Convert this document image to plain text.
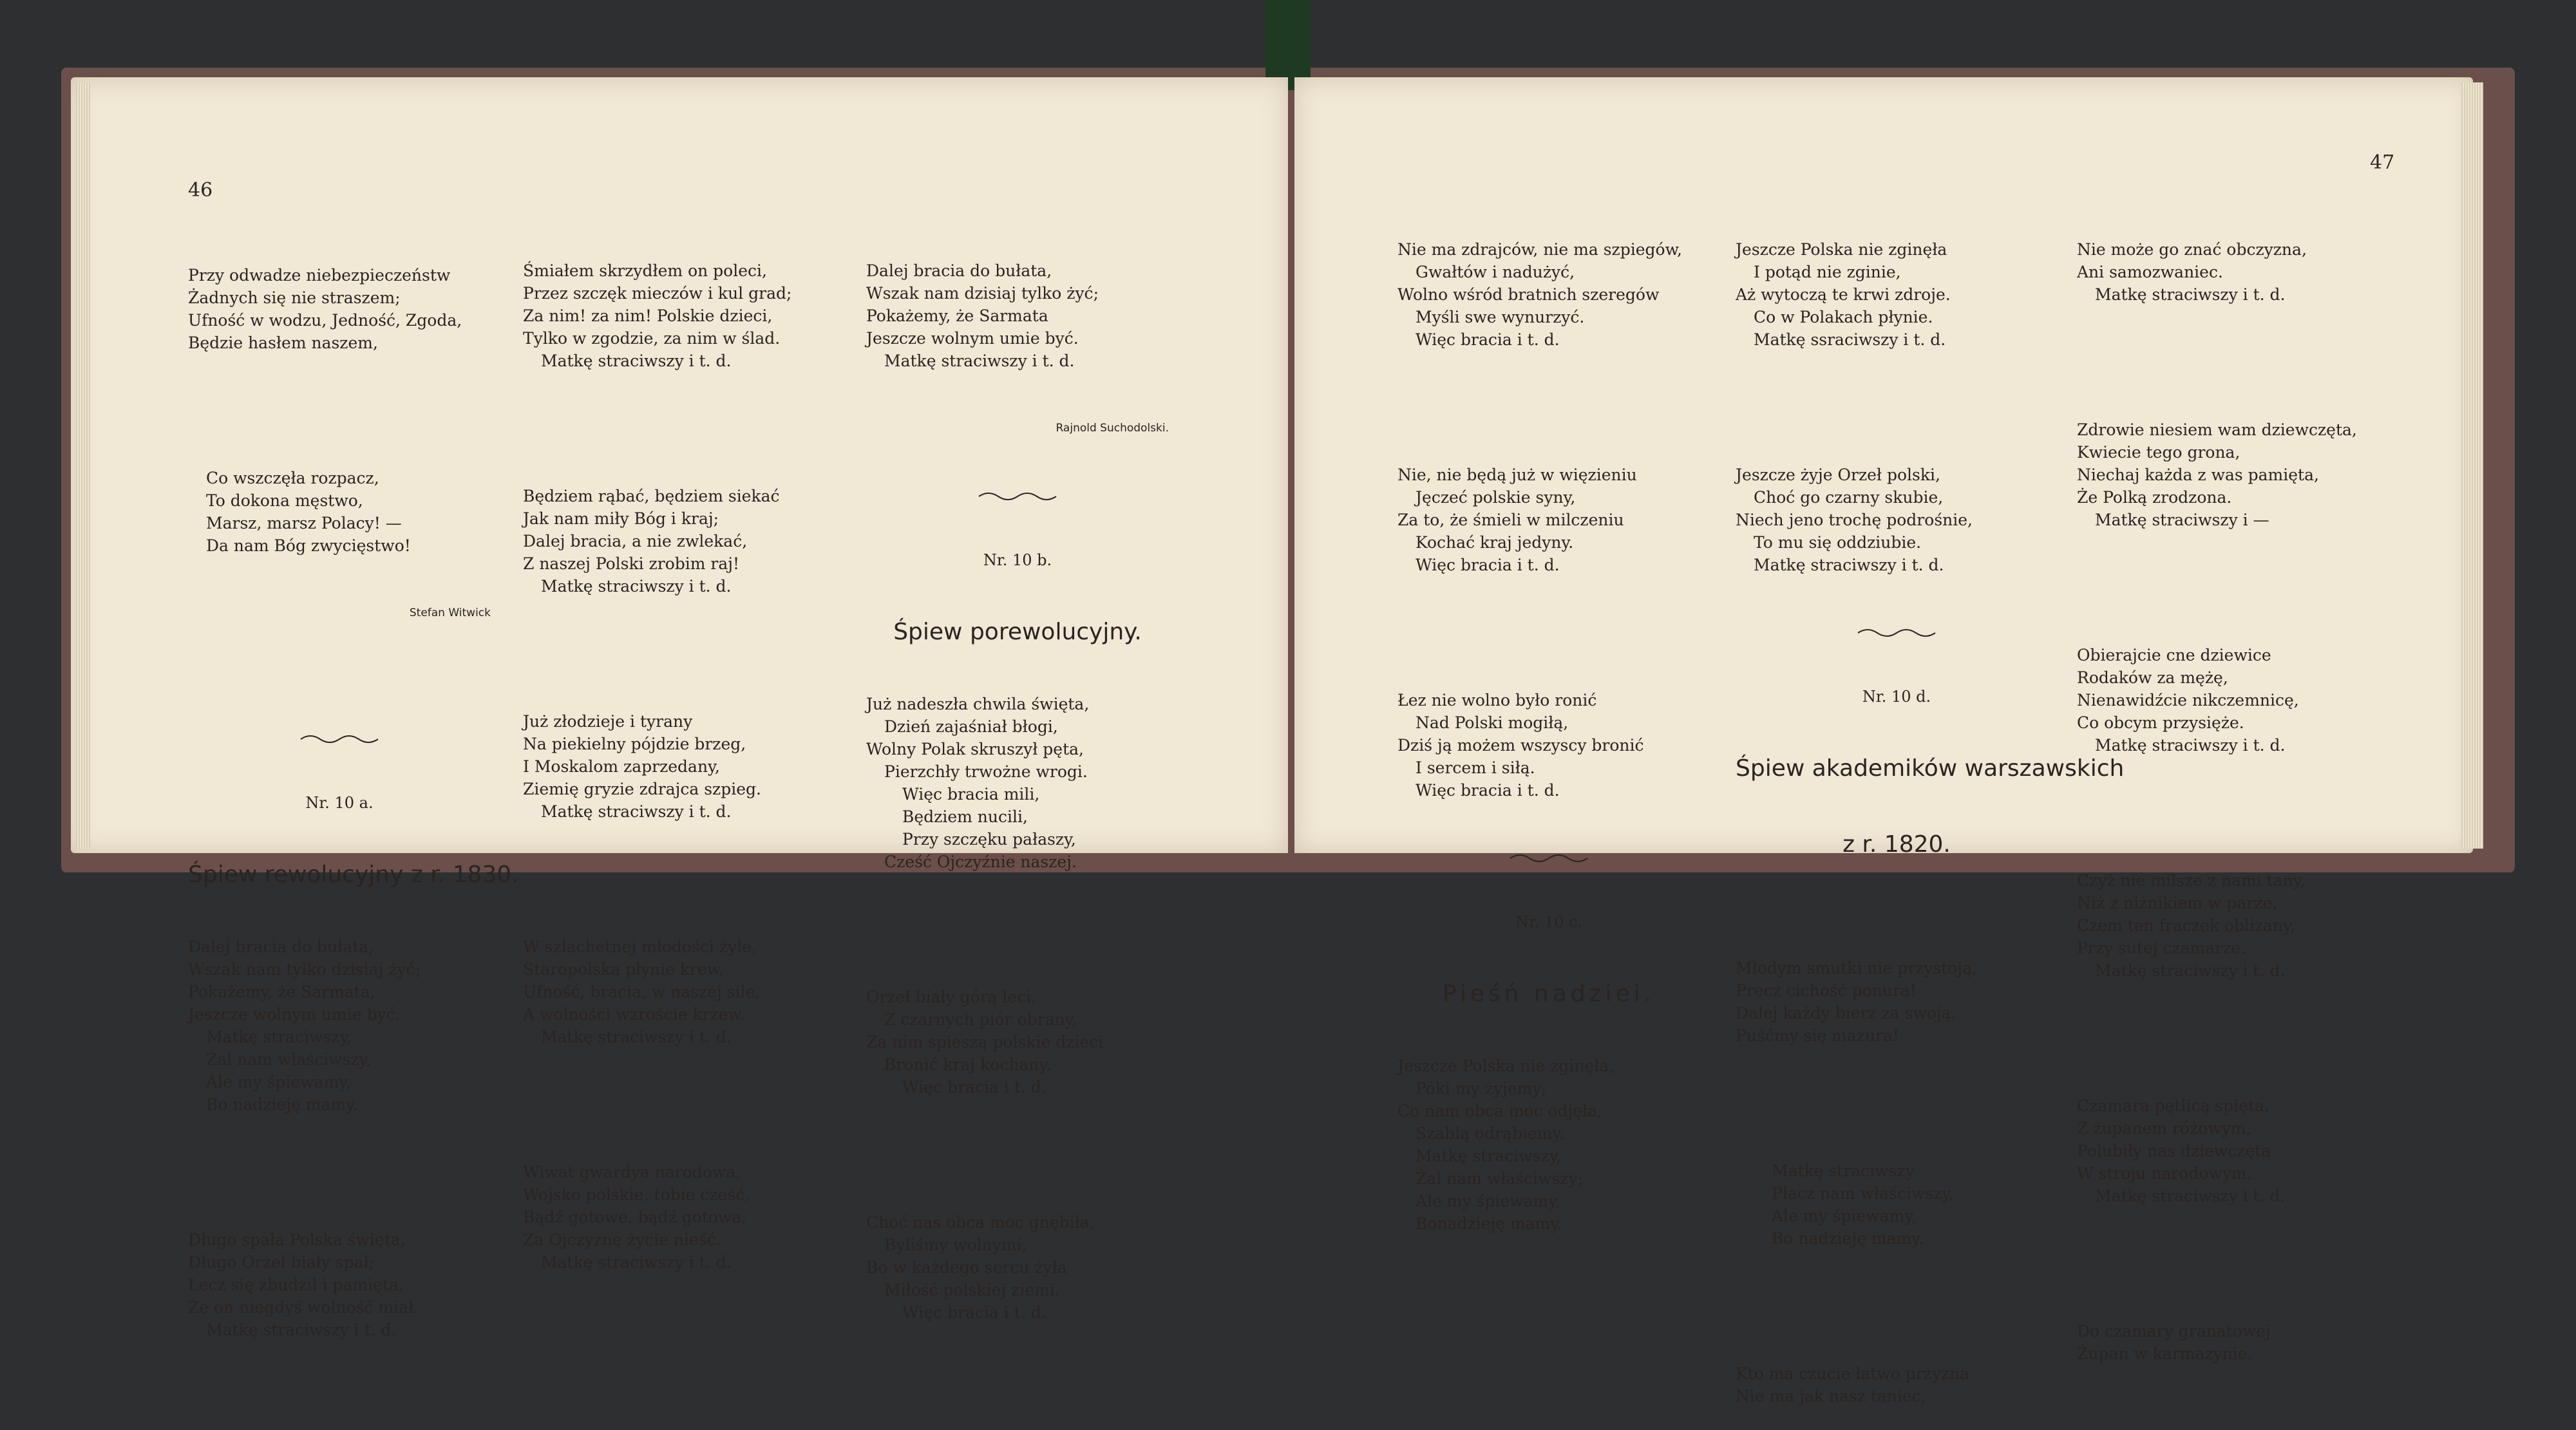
46
47

Przy odwadze niebezpieczeństw
Żadnych się nie straszem;
Ufność w wodzu, Jedność, Zgoda,
Będzie hasłem naszem,

Co wszczęła rozpacz,
To dokona męstwo,
Marsz, marsz Polacy! —
Da nam Bóg zwycięstwo!

Stefan Witwick

Nr. 10 a.

Śpiew rewolucyjny z r. 1830.

Dalej bracia do bułata,
Wszak nam tylko dzisiaj żyć;
Pokażemy, że Sarmata,
Jeszcze wolnym umie być.
Matkę straciwszy,
Żal nam właściwszy,
Ale my śpiewamy,
Bo nadzieję mamy.

Długo spała Polska święta,
Długo Orzeł biały spał;
Lecz się zbudził i pamięta,
Że on niegdyś wolność miał.
Matkę straciwszy i t. d.

Śmiałem skrzydłem on poleci,
Przez szczęk mieczów i kul grad;
Za nim! za nim! Polskie dzieci,
Tylko w zgodzie, za nim w ślad.
Matkę straciwszy i t. d.

Będziem rąbać, będziem siekać
Jak nam miły Bóg i kraj;
Dalej bracia, a nie zwlekać,
Z naszej Polski zrobim raj!
Matkę straciwszy i t. d.

Już złodzieje i tyrany
Na piekielny pójdzie brzeg,
I Moskalom zaprzedany,
Ziemię gryzie zdrajca szpieg.
Matkę straciwszy i t. d.

W szlachetnej młodości żyle,
Staropolska płynie krew,
Ufność, bracia, w naszej sile,
A wolności wzroście krzew.
Matkę straciwszy i t. d.

Wiwat gwardya narodowa,
Wojsko polskie, tobie cześć,
Bądź gotowe, bądź gotowa,
Za Ojczyznę życie nieść.
Matkę straciwszy i t. d.

Dalej bracia do bułata,
Wszak nam dzisiaj tylko żyć;
Pokażemy, że Sarmata
Jeszcze wolnym umie być.
Matkę straciwszy i t. d.

Rajnold Suchodolski.

Nr. 10 b.

Śpiew porewolucyjny.

Już nadeszła chwila święta,
Dzień zajaśniał błogi,
Wolny Polak skruszył pęta,
Pierzchły trwożne wrogi.
Więc bracia mili,
Będziem nucili,
Przy szczęku pałaszy,
Cześć Ojczyźnie naszej.

Orzeł biały górą leci,
Z czarnych piór obrany,
Za nim spieszą polskie dzieci
Bronić kraj kochany.
Więc bracia i t. d.

Choć nas obca moc gnębiła,
Byliśmy wolnymi,
Bo w każdego sercu żyła
Miłość polskiej ziemi.
Więc bracia i t. d.

Nie ma zdrajców, nie ma szpiegów,
Gwałtów i nadużyć,
Wolno wśród bratnich szeregów
Myśli swe wynurzyć.
Więc bracia i t. d.

Nie, nie będą już w więzieniu
Jęczeć polskie syny,
Za to, że śmieli w milczeniu
Kochać kraj jedyny.
Więc bracia i t. d.

Łez nie wolno było ronić
Nad Polski mogiłą,
Dziś ją możem wszyscy bronić
I sercem i siłą.
Więc bracia i t. d.

Nr. 10 c.

Pieśń nadziei.

Jeszcze Polska nie zginęła,
Póki my żyjemy;
Co nam obca moc odjęła,
Szablą odrąbiemy.
Matkę straciwszy,
Żal nam właściwszy;
Ale my śpiewamy,
Bonadzieję mamy.

Jeszcze Polska nie zginęła
I potąd nie zginie,
Aż wytoczą te krwi zdroje.
Co w Polakach płynie.
Matkę ssraciwszy i t. d.

Jeszcze żyje Orzeł polski,
Choć go czarny skubie,
Niech jeno trochę podrośnie,
To mu się oddziubie.
Matkę straciwszy i t. d.

Nr. 10 d.

Śpiew akademików warszawskich

z r. 1820.

Młodym smutki nie przystoją,
Precz cichość ponura!
Dalej każdy bierz za swoją,
Puśćmy się mazura!

Matkę straciwszy
Płacz nam właściwszy,
Ale my śpiewamy,
Bo nadzieję mamy.

Kto ma czucie łatwo przyzna
Nie ma jak nasz taniec,

Nie może go znać obczyzna,
Ani samozwaniec.
Matkę straciwszy i t. d.

Zdrowie niesiem wam dziewczęta,
Kwiecie tego grona,
Niechaj każda z was pamięta,
Że Polką zrodzona.
Matkę straciwszy i —

Obierajcie cne dziewice
Rodaków za mężę,
Nienawidźcie nikczemnicę,
Co obcym przysięże.
Matkę straciwszy i t. d.

Czyż nie milsze z nami tany,
Niż z niżnikiem w parze,
Czem ten fraczek oblizany,
Przy sutej czamarze.
Matkę straciwszy i t. d.

Czamara pętlicą spięta,
Z żupanem różowym,
Polubiły nas dziewczęta
W stroju narodowym.
Matkę straciwszy i t. d.

Do czamary granatowej
Żupan w karmazynie,
